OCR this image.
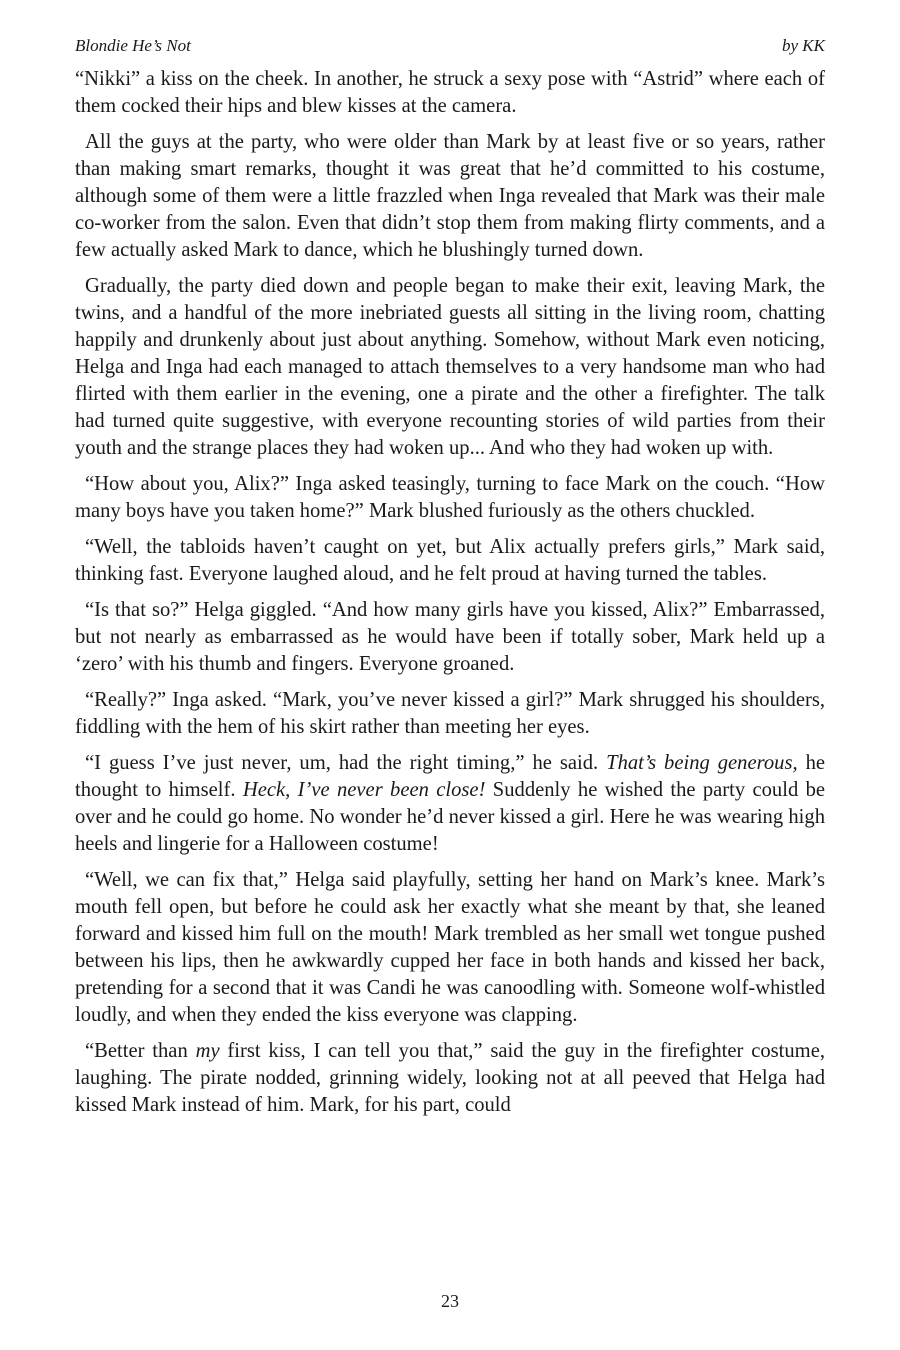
Blondie He’s Not	by KK

“Nikki” a kiss on the cheek. In another, he struck a sexy pose with “Astrid” where each of them cocked their hips and blew kisses at the camera.

All the guys at the party, who were older than Mark by at least five or so years, rather than making smart remarks, thought it was great that he’d committed to his costume, although some of them were a little frazzled when Inga revealed that Mark was their male co-worker from the salon. Even that didn’t stop them from making flirty comments, and a few actually asked Mark to dance, which he blushingly turned down.

Gradually, the party died down and people began to make their exit, leaving Mark, the twins, and a handful of the more inebriated guests all sitting in the living room, chatting happily and drunkenly about just about anything. Somehow, without Mark even noticing, Helga and Inga had each managed to attach themselves to a very handsome man who had flirted with them earlier in the evening, one a pirate and the other a firefighter. The talk had turned quite suggestive, with everyone recounting stories of wild parties from their youth and the strange places they had woken up... And who they had woken up with.

“How about you, Alix?” Inga asked teasingly, turning to face Mark on the couch. “How many boys have you taken home?” Mark blushed furiously as the others chuckled.

“Well, the tabloids haven’t caught on yet, but Alix actually prefers girls,” Mark said, thinking fast. Everyone laughed aloud, and he felt proud at having turned the tables.

“Is that so?” Helga giggled. “And how many girls have you kissed, Alix?” Embarrassed, but not nearly as embarrassed as he would have been if totally sober, Mark held up a ‘zero’ with his thumb and fingers. Everyone groaned.

“Really?” Inga asked. “Mark, you’ve never kissed a girl?” Mark shrugged his shoulders, fiddling with the hem of his skirt rather than meeting her eyes.

“I guess I’ve just never, um, had the right timing,” he said. That’s being generous, he thought to himself. Heck, I’ve never been close! Suddenly he wished the party could be over and he could go home. No wonder he’d never kissed a girl. Here he was wearing high heels and lingerie for a Halloween costume!

“Well, we can fix that,” Helga said playfully, setting her hand on Mark’s knee. Mark’s mouth fell open, but before he could ask her exactly what she meant by that, she leaned forward and kissed him full on the mouth! Mark trembled as her small wet tongue pushed between his lips, then he awkwardly cupped her face in both hands and kissed her back, pretending for a second that it was Candi he was canoodling with. Someone wolf-whistled loudly, and when they ended the kiss everyone was clapping.

“Better than my first kiss, I can tell you that,” said the guy in the firefighter costume, laughing. The pirate nodded, grinning widely, looking not at all peeved that Helga had kissed Mark instead of him. Mark, for his part, could

23
